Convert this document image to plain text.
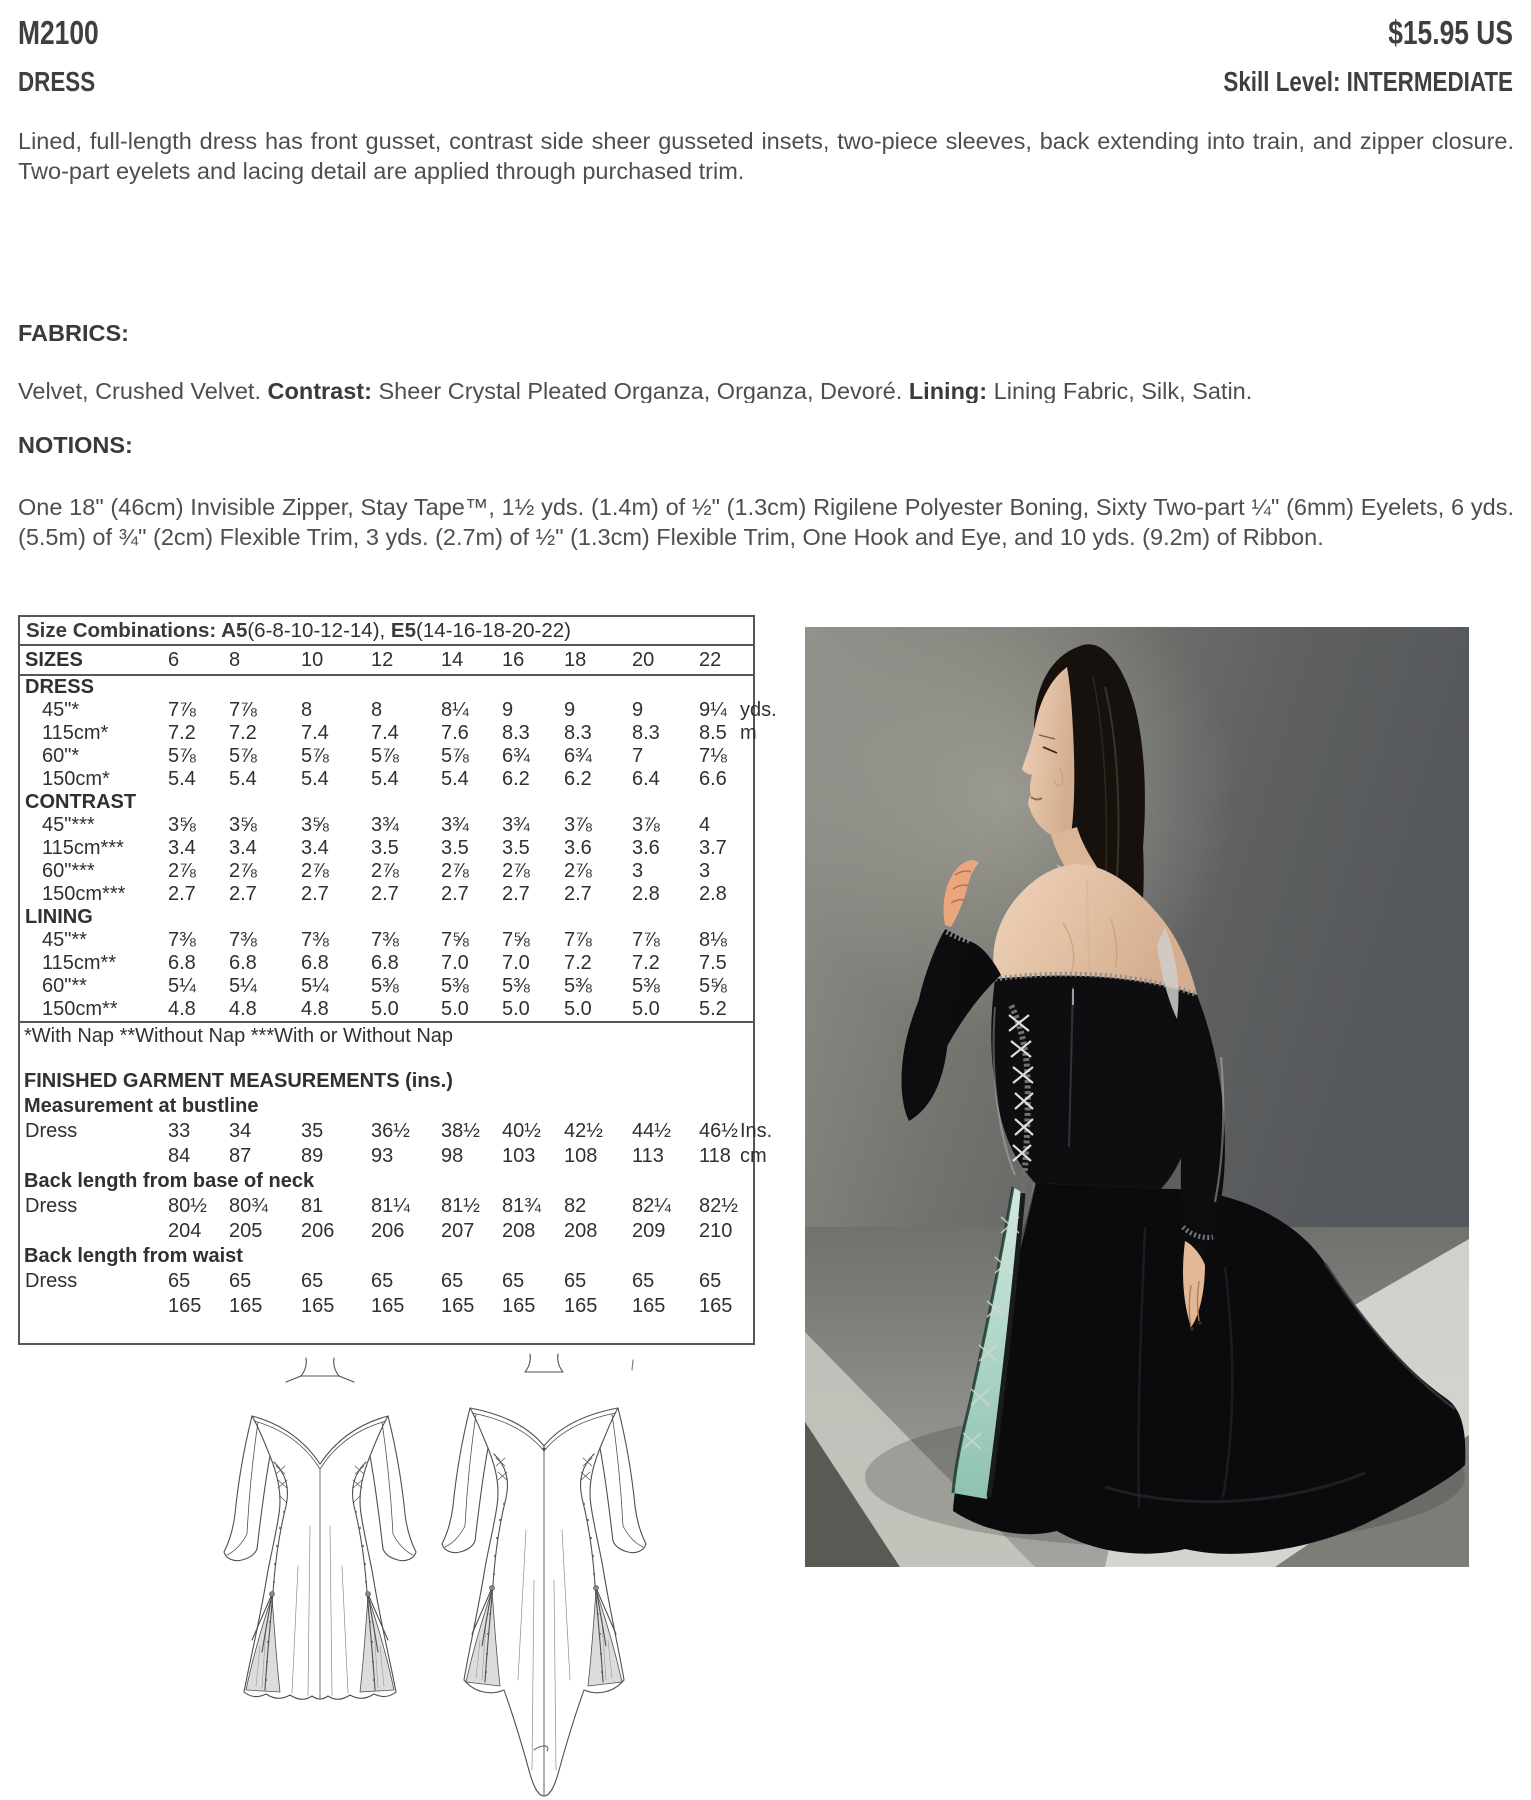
M2100	$15.95 US
DRESS	Skill Level: INTERMEDIATE
Lined, full-length dress has front gusset, contrast side sheer gusseted insets, two-piece sleeves, back extending into train, and zipper closure. Two-part eyelets and lacing detail are applied through purchased trim.
FABRICS:
Velvet, Crushed Velvet. Contrast: Sheer Crystal Pleated Organza, Organza, Devoré. Lining: Lining Fabric, Silk, Satin.
NOTIONS:
One 18" (46cm) Invisible Zipper, Stay Tape™, 1½ yds. (1.4m) of ½" (1.3cm) Rigilene Polyester Boning, Sixty Two-part ¼" (6mm) Eyelets, 6 yds. (5.5m) of ¾" (2cm) Flexible Trim, 3 yds. (2.7m) of ½" (1.3cm) Flexible Trim, One Hook and Eye, and 10 yds. (9.2m) of Ribbon.
Size Combinations: A5(6-8-10-12-14), E5(14-16-18-20-22)
SIZES	6	8	10	12	14	16	18	20	22
DRESS
45"*	7⅞	7⅞	8	8	8¼	9	9	9	9¼ yds.
115cm*	7.2	7.2	7.4	7.4	7.6	8.3	8.3	8.3	8.5 m
60"*	5⅞	5⅞	5⅞	5⅞	5⅞	6¾	6¾	7	7⅛
150cm*	5.4	5.4	5.4	5.4	5.4	6.2	6.2	6.4	6.6
CONTRAST
45"***	3⅝	3⅝	3⅝	3¾	3¾	3¾	3⅞	3⅞	4
115cm***	3.4	3.4	3.4	3.5	3.5	3.5	3.6	3.6	3.7
60"***	2⅞	2⅞	2⅞	2⅞	2⅞	2⅞	2⅞	3	3
150cm***	2.7	2.7	2.7	2.7	2.7	2.7	2.7	2.8	2.8
LINING
45"**	7⅜	7⅜	7⅜	7⅜	7⅝	7⅝	7⅞	7⅞	8⅛
115cm**	6.8	6.8	6.8	6.8	7.0	7.0	7.2	7.2	7.5
60"**	5¼	5¼	5¼	5⅜	5⅜	5⅜	5⅜	5⅜	5⅝
150cm**	4.8	4.8	4.8	5.0	5.0	5.0	5.0	5.0	5.2
*With Nap **Without Nap ***With or Without Nap
FINISHED GARMENT MEASUREMENTS (ins.)
Measurement at bustline
Dress	33	34	35	36½	38½	40½	42½	44½	46½ Ins.
84	87	89	93	98	103	108	113	118 cm
Back length from base of neck
Dress	80½	80¾	81	81¼	81½	81¾	82	82¼	82½
204	205	206	206	207	208	208	209	210
Back length from waist
Dress	65	65	65	65	65	65	65	65	65
165	165	165	165	165	165	165	165	165
